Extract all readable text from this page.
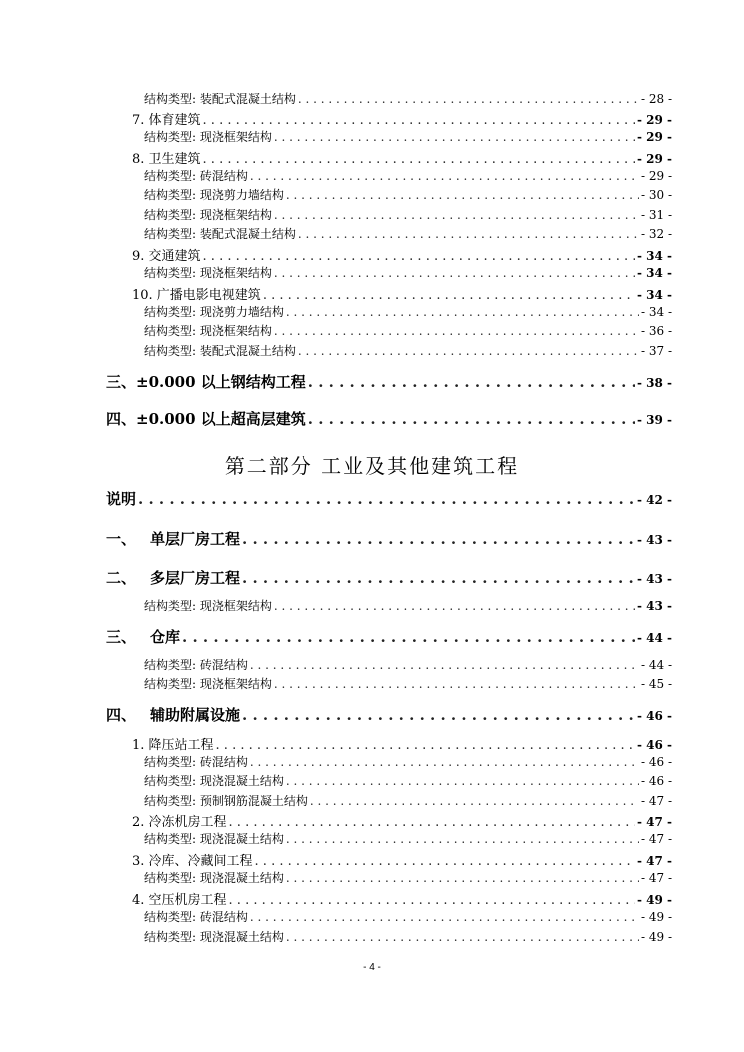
结构类型: 装配式混凝土结构 . . .	- 28 -
7. 体育建筑 . . .	- 29 -
结构类型: 现浇框架结构 . . .	- 29 -
8. 卫生建筑 . . .	- 29 -
结构类型: 砖混结构 . . .	- 29 -
结构类型: 现浇剪力墙结构 . . .	- 30 -
结构类型: 现浇框架结构 . . .	- 31 -
结构类型: 装配式混凝土结构 . . .	- 32 -
9. 交通建筑 . . .	- 34 -
结构类型: 现浇框架结构 . . .	- 34 -
10. 广播电影电视建筑 . . .	- 34 -
结构类型: 现浇剪力墙结构 . . .	- 34 -
结构类型: 现浇框架结构 . . .	- 36 -
结构类型: 装配式混凝土结构 . . .	- 37 -
三、±0.000 以上钢结构工程 . . .	- 38 -
四、±0.000 以上超高层建筑 . . .	- 39 -
第二部分 工业及其他建筑工程
说明 . . .	- 42 -
一、 单层厂房工程 . . .	- 43 -
二、 多层厂房工程 . . .	- 43 -
结构类型: 现浇框架结构 . . .	- 43 -
三、 仓库 . . .	- 44 -
结构类型: 砖混结构 . . .	- 44 -
结构类型: 现浇框架结构 . . .	- 45 -
四、 辅助附属设施 . . .	- 46 -
1. 降压站工程 . . .	- 46 -
结构类型: 砖混结构 . . .	- 46 -
结构类型: 现浇混凝土结构 . . .	- 46 -
结构类型: 预制钢筋混凝土结构 . . .	- 47 -
2. 冷冻机房工程 . . .	- 47 -
结构类型: 现浇混凝土结构 . . .	- 47 -
3. 冷库、冷藏间工程 . . .	- 47 -
结构类型: 现浇混凝土结构 . . .	- 47 -
4. 空压机房工程 . . .	- 49 -
结构类型: 砖混结构 . . .	- 49 -
结构类型: 现浇混凝土结构 . . .	- 49 -
- 4 -
